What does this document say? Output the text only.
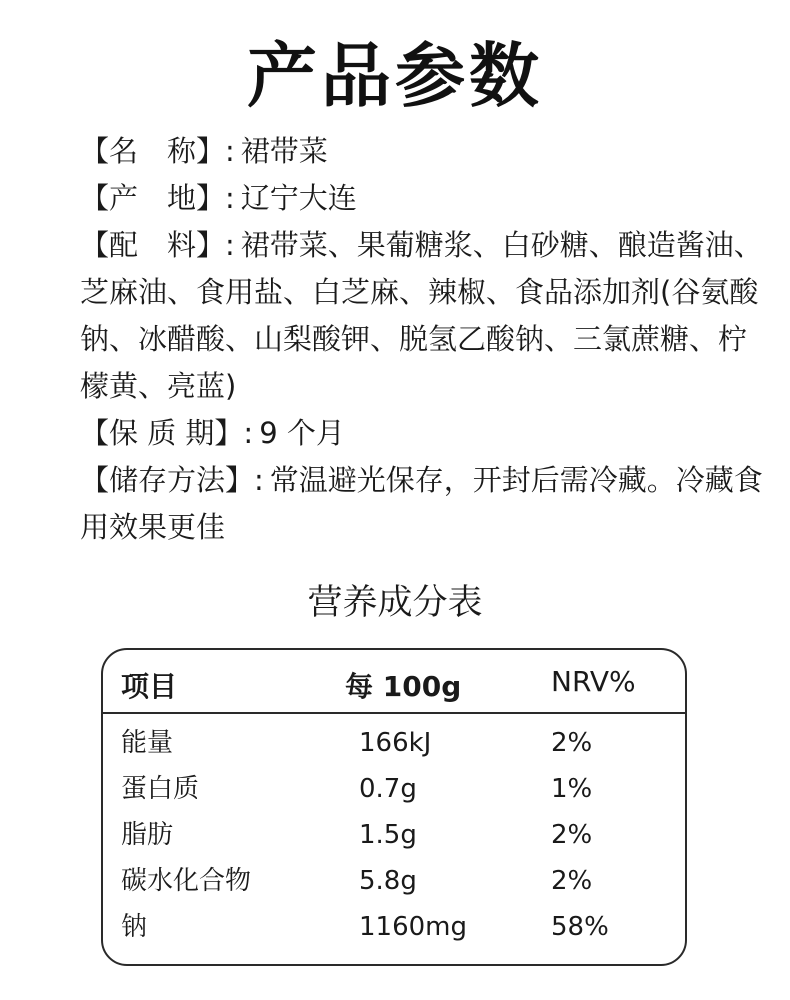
产品参数

【名　称】: 裙带菜

【产　地】: 辽宁大连

【配　料】: 裙带菜、果葡糖浆、白砂糖、酿造酱油、芝麻油、食用盐、白芝麻、辣椒、食品添加剂(谷氨酸钠、冰醋酸、山梨酸钾、脱氢乙酸钠、三氯蔗糖、柠檬黄、亮蓝)

【保 质 期】: 9 个月

【储存方法】: 常温避光保存，开封后需冷藏。冷藏食用效果更佳

营养成分表
项目	每 100g	NRV%
能量	166kJ	2%
蛋白质	0.7g	1%
脂肪	1.5g	2%
碳水化合物	5.8g	2%
钠	1160mg	58%
